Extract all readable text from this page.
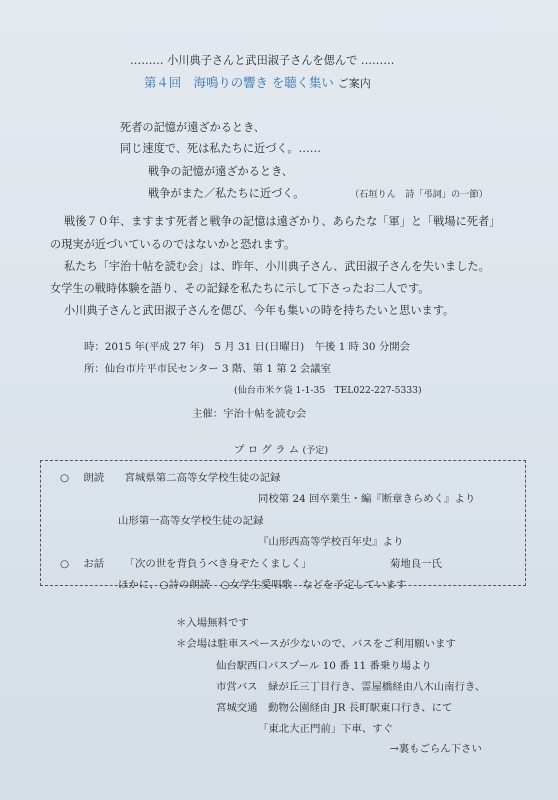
……… 小川典子さんと武田淑子さんを偲んで ………
第４回　海鳴りの響き を聴く集い ご案内
死者の記憶が遠ざかるとき、
同じ速度で、死は私たちに近づく。……
戦争の記憶が遠ざかるとき、
戦争がまた／私たちに近づく。	（石垣りん　詩「弔詞」の一節）
戦後７０年、ますます死者と戦争の記憶は遠ざかり、あらたな「軍」と「戦場に死者」
の現実が近づいているのではないかと恐れます。
私たち「宇治十帖を読む会」は、昨年、小川典子さん、武田淑子さんを失いました。
女学生の戦時体験を語り、その記録を私たちに示して下さったお二人です。
小川典子さんと武田淑子さんを偲び、今年も集いの時を持ちたいと思います。
時：2015 年(平成 27 年)　5 月 31 日(日曜日)　午後 1 時 30 分開会
所：仙台市片平市民センター 3 階、第 1 第 2 会議室
(仙台市米ケ袋 1-1-35　TEL022-227-5333)
主催：宇治十帖を読む会
プ ロ グ ラ ム (予定)
○ 朗読 宮城県第二高等女学校生徒の記録
同校第 24 回卒業生・編『断章きらめく』より
山形第一高等女学校生徒の記録
『山形西高等学校百年史』より
○ お話 「次の世を背負うべき身ぞたくましく」	菊地良一氏
ほかに、○詩の朗読　○女学生愛唱歌　などを予定しています
＊入場無料です
＊会場は駐車スペースが少ないので、バスをご利用願います
仙台駅西口バスプール 10 番 11 番乗り場より
市営バス　緑が丘三丁目行き、霊屋橋経由八木山南行き、
宮城交通　動物公園経由 JR 長町駅東口行き、にて
「東北大正門前」下車、すぐ
→裏もごらん下さい
